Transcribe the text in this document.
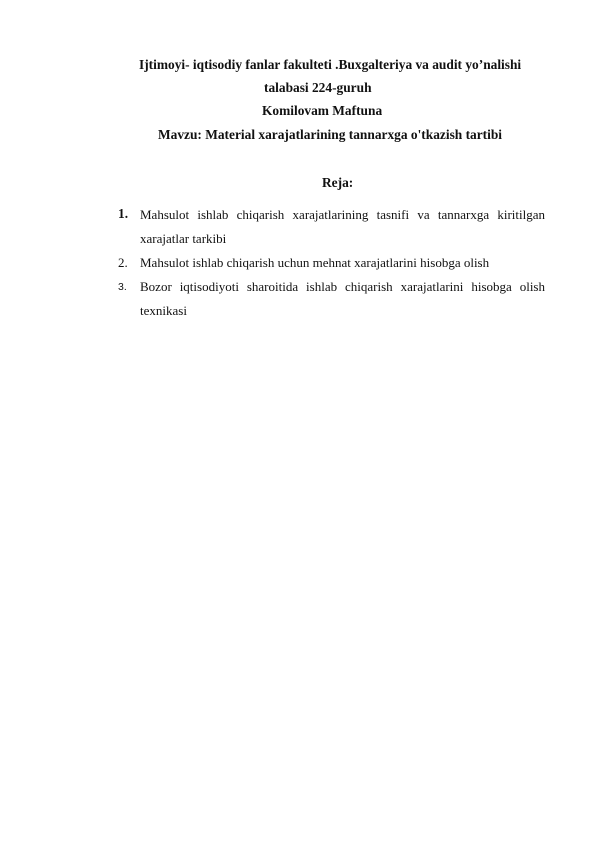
Ijtimoyi- iqtisodiy fanlar fakulteti .Buxgalteriya va audit yo’nalishi
talabasi 224-guruh
Komilovam Maftuna
Mavzu: Material xarajatlarining tannarxga o'tkazish tartibi
Reja:
1. Mahsulot ishlab chiqarish xarajatlarining tasnifi va tannarxga kiritilgan
xarajatlar tarkibi
2. Mahsulot ishlab chiqarish uchun mehnat xarajatlarini hisobga olish
3. Bozor iqtisodiyoti sharoitida ishlab chiqarish xarajatlarini hisobga olish
texnikasi
